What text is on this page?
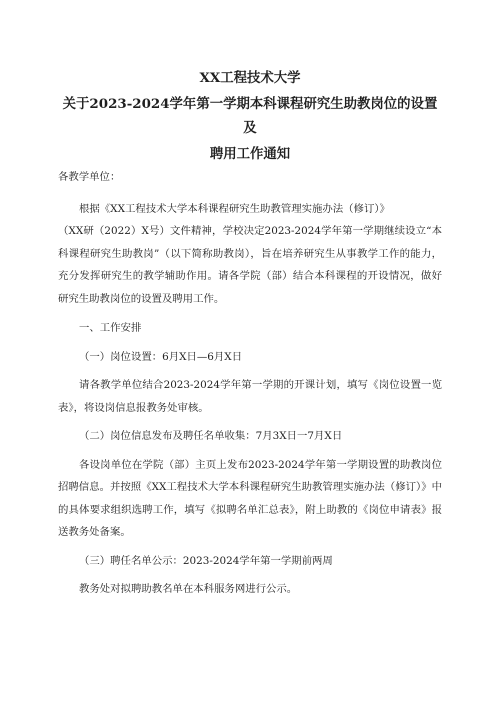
XX工程技术大学

关于2023-2024学年第一学期本科课程研究生助教岗位的设置及

聘用工作通知

各教学单位：

根据《XX工程技术大学本科课程研究生助教管理实施办法（修订）》

（XX研（2022）X号）文件精神，学校决定2023-2024学年第一学期继续设立“本科课程研究生助教岗”（以下简称助教岗），旨在培养研究生从事教学工作的能力，充分发挥研究生的教学辅助作用。请各学院（部）结合本科课程的开设情况，做好研究生助教岗位的设置及聘用工作。

一、工作安排

（一）岗位设置：6月X日—6月X日

请各教学单位结合2023-2024学年第一学期的开课计划，填写《岗位设置一览表》，将设岗信息报教务处审核。

（二）岗位信息发布及聘任名单收集：7月3X日一7月X日

各设岗单位在学院（部）主页上发布2023-2024学年第一学期设置的助教岗位招聘信息。并按照《XX工程技术大学本科课程研究生助教管理实施办法（修订）》中的具体要求组织选聘工作，填写《拟聘名单汇总表》，附上助教的《岗位申请表》报送教务处备案。

（三）聘任名单公示：2023-2024学年第一学期前两周

教务处对拟聘助教名单在本科服务网进行公示。
